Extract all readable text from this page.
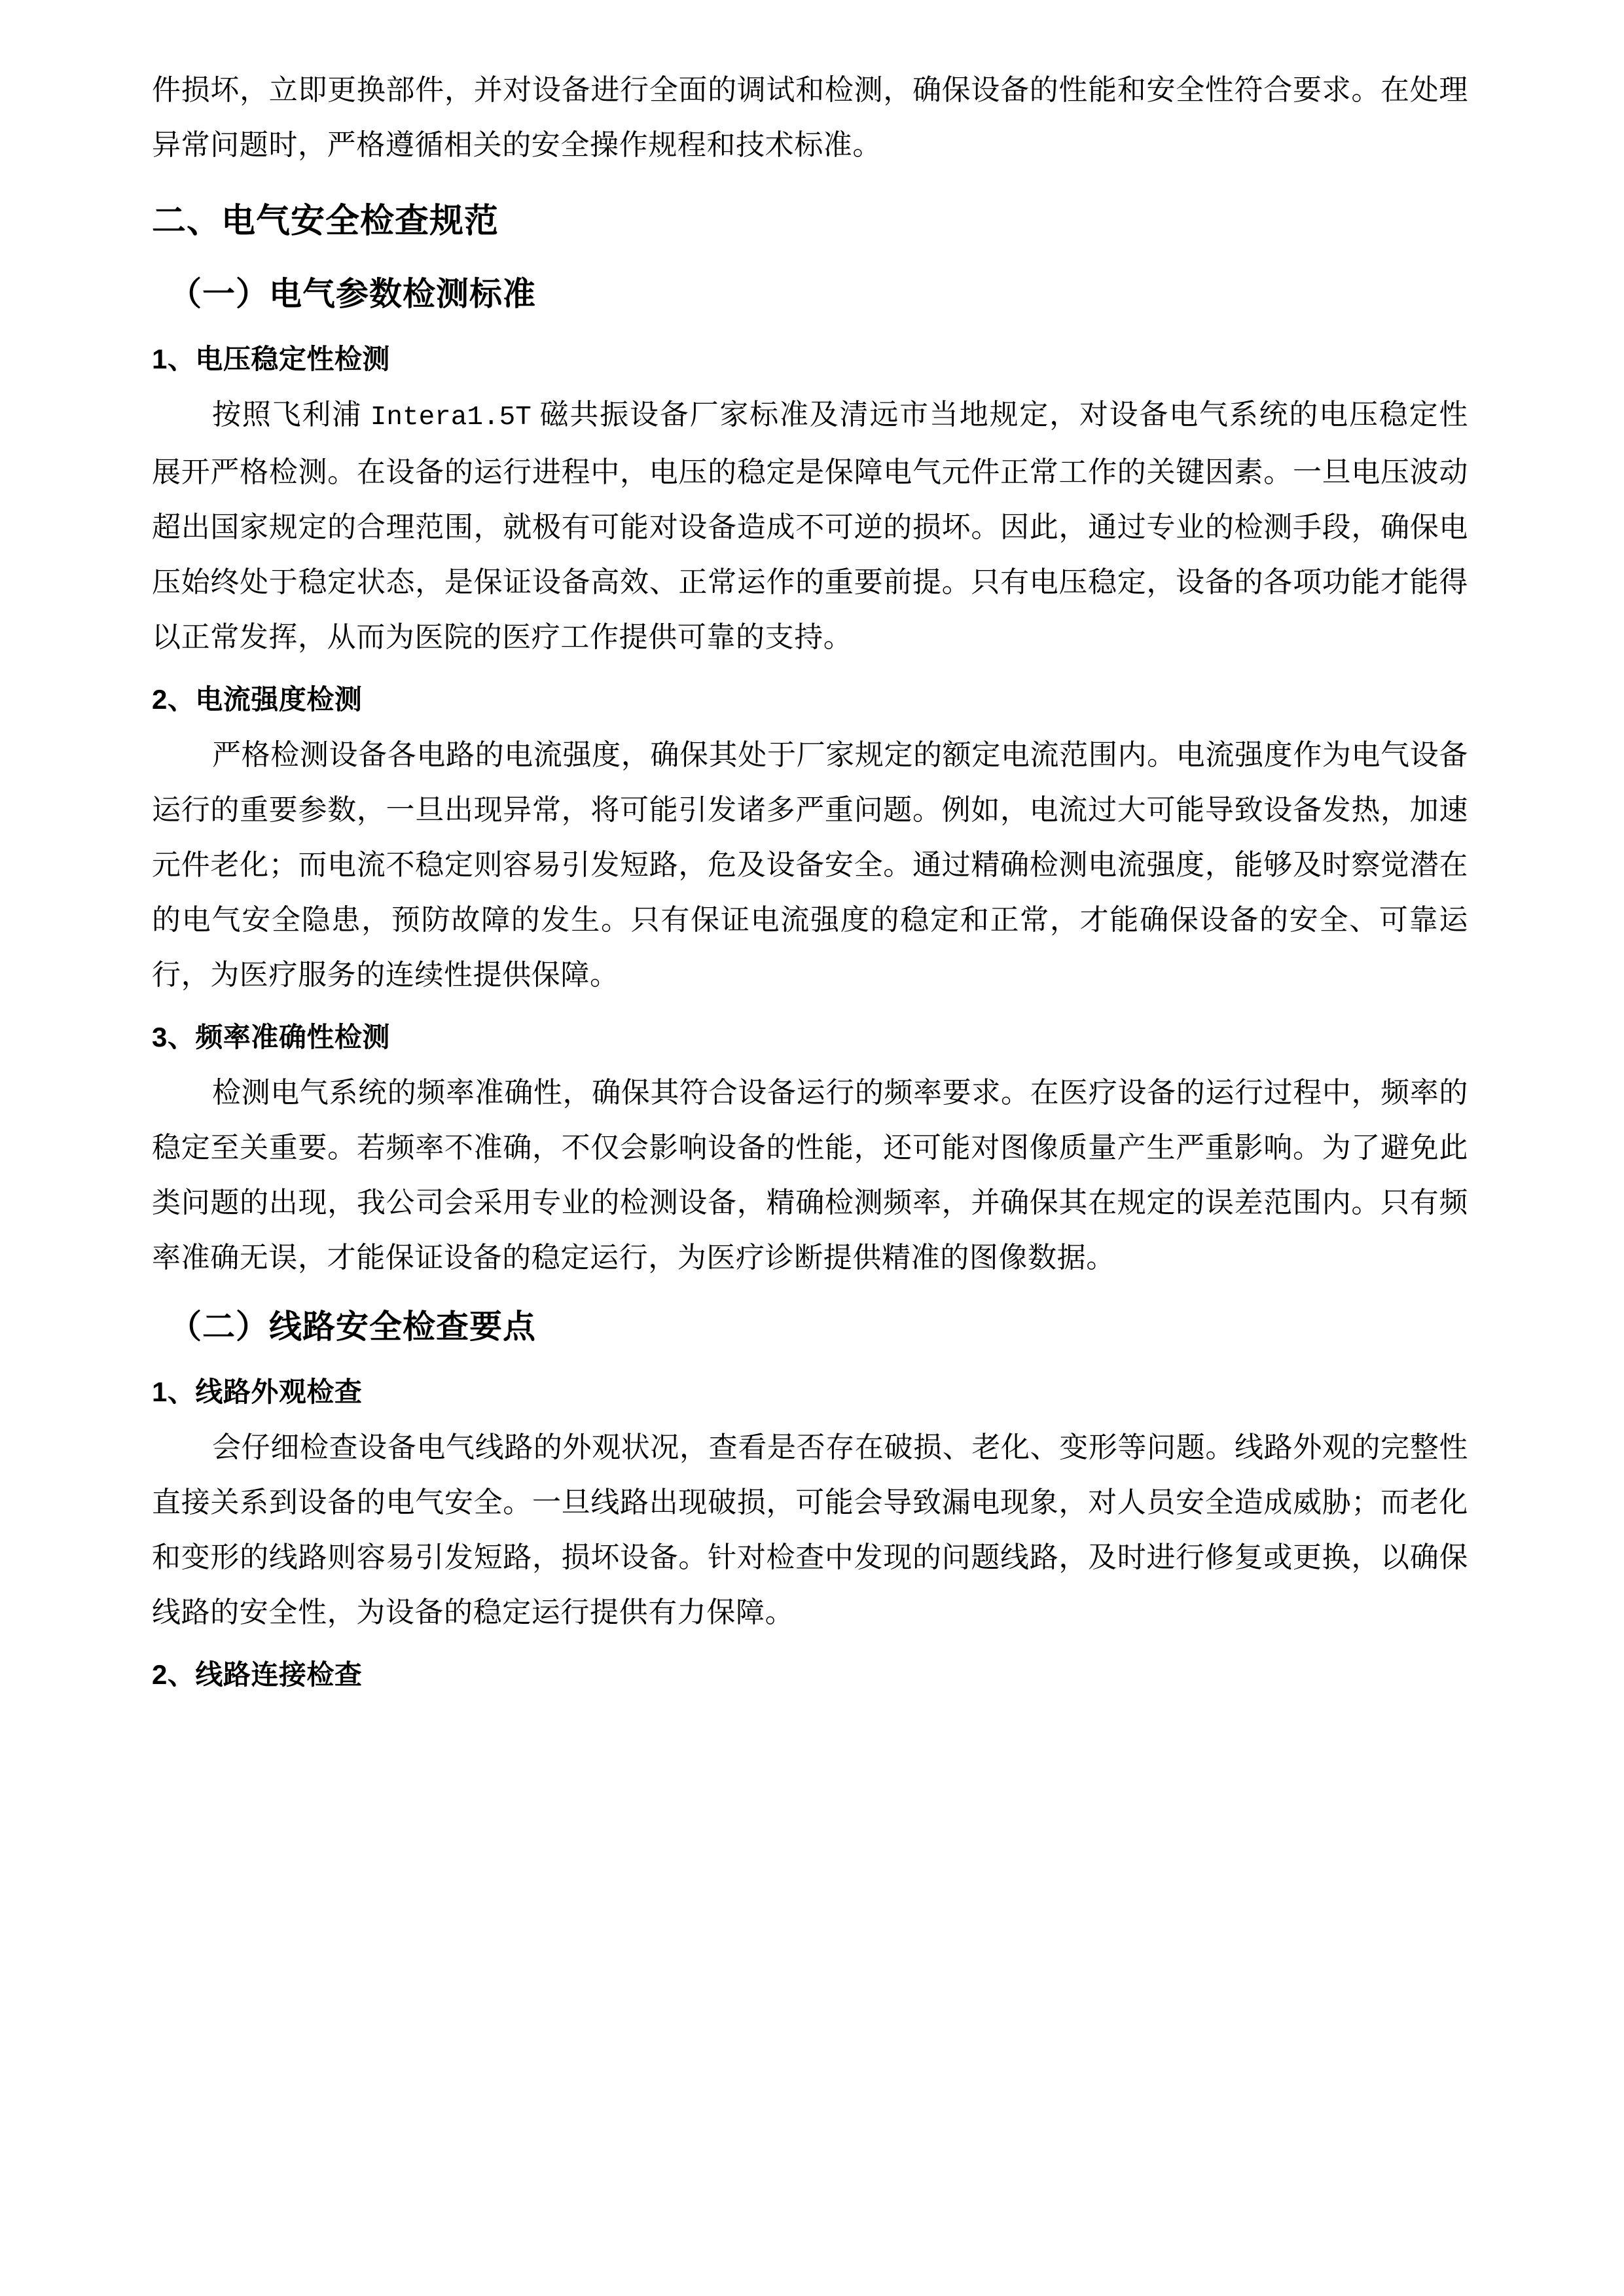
件损坏，立即更换部件，并对设备进行全面的调试和检测，确保设备的性能和安全性符合要求。在处理异常问题时，严格遵循相关的安全操作规程和技术标准。

二、电气安全检查规范
（一）电气参数检测标准
1、电压稳定性检测

按照飞利浦 Intera1.5T 磁共振设备厂家标准及清远市当地规定，对设备电气系统的电压稳定性展开严格检测。在设备的运行进程中，电压的稳定是保障电气元件正常工作的关键因素。一旦电压波动超出国家规定的合理范围，就极有可能对设备造成不可逆的损坏。因此，通过专业的检测手段，确保电压始终处于稳定状态，是保证设备高效、正常运作的重要前提。只有电压稳定，设备的各项功能才能得以正常发挥，从而为医院的医疗工作提供可靠的支持。

2、电流强度检测

严格检测设备各电路的电流强度，确保其处于厂家规定的额定电流范围内。电流强度作为电气设备运行的重要参数，一旦出现异常，将可能引发诸多严重问题。例如，电流过大可能导致设备发热，加速元件老化；而电流不稳定则容易引发短路，危及设备安全。通过精确检测电流强度，能够及时察觉潜在的电气安全隐患，预防故障的发生。只有保证电流强度的稳定和正常，才能确保设备的安全、可靠运行，为医疗服务的连续性提供保障。

3、频率准确性检测

检测电气系统的频率准确性，确保其符合设备运行的频率要求。在医疗设备的运行过程中，频率的稳定至关重要。若频率不准确，不仅会影响设备的性能，还可能对图像质量产生严重影响。为了避免此类问题的出现，我公司会采用专业的检测设备，精确检测频率，并确保其在规定的误差范围内。只有频率准确无误，才能保证设备的稳定运行，为医疗诊断提供精准的图像数据。

（二）线路安全检查要点
1、线路外观检查

会仔细检查设备电气线路的外观状况，查看是否存在破损、老化、变形等问题。线路外观的完整性直接关系到设备的电气安全。一旦线路出现破损，可能会导致漏电现象，对人员安全造成威胁；而老化和变形的线路则容易引发短路，损坏设备。针对检查中发现的问题线路，及时进行修复或更换，以确保线路的安全性，为设备的稳定运行提供有力保障。

2、线路连接检查
